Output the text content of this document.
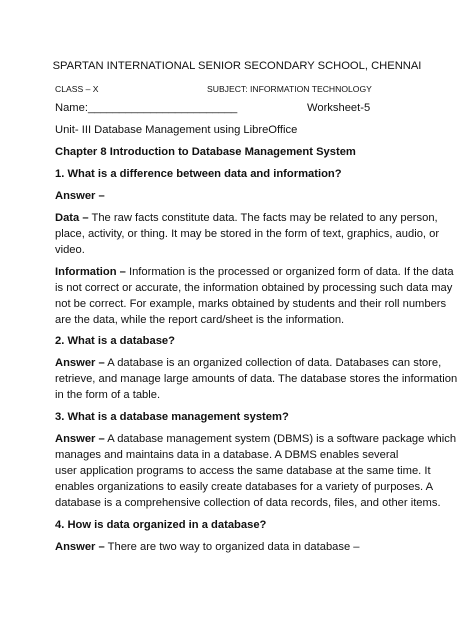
SPARTAN INTERNATIONAL SENIOR SECONDARY SCHOOL, CHENNAI
CLASS – X	SUBJECT: INFORMATION TECHNOLOGY
Name:________________________	Worksheet-5
Unit- III Database Management using LibreOffice
Chapter 8 Introduction to Database Management System
1. What is a difference between data and information?
Answer –
Data – The raw facts constitute data. The facts may be related to any person,
place, activity, or thing. It may be stored in the form of text, graphics, audio, or
video.
Information – Information is the processed or organized form of data. If the data
is not correct or accurate, the information obtained by processing such data may
not be correct. For example, marks obtained by students and their roll numbers
are the data, while the report card/sheet is the information.
2. What is a database?
Answer – A database is an organized collection of data. Databases can store,
retrieve, and manage large amounts of data. The database stores the information
in the form of a table.
3. What is a database management system?
Answer – A database management system (DBMS) is a software package which
manages and maintains data in a database. A DBMS enables several
user application programs to access the same database at the same time. It
enables organizations to easily create databases for a variety of purposes. A
database is a comprehensive collection of data records, files, and other items.
4. How is data organized in a database?
Answer – There are two way to organized data in database –
